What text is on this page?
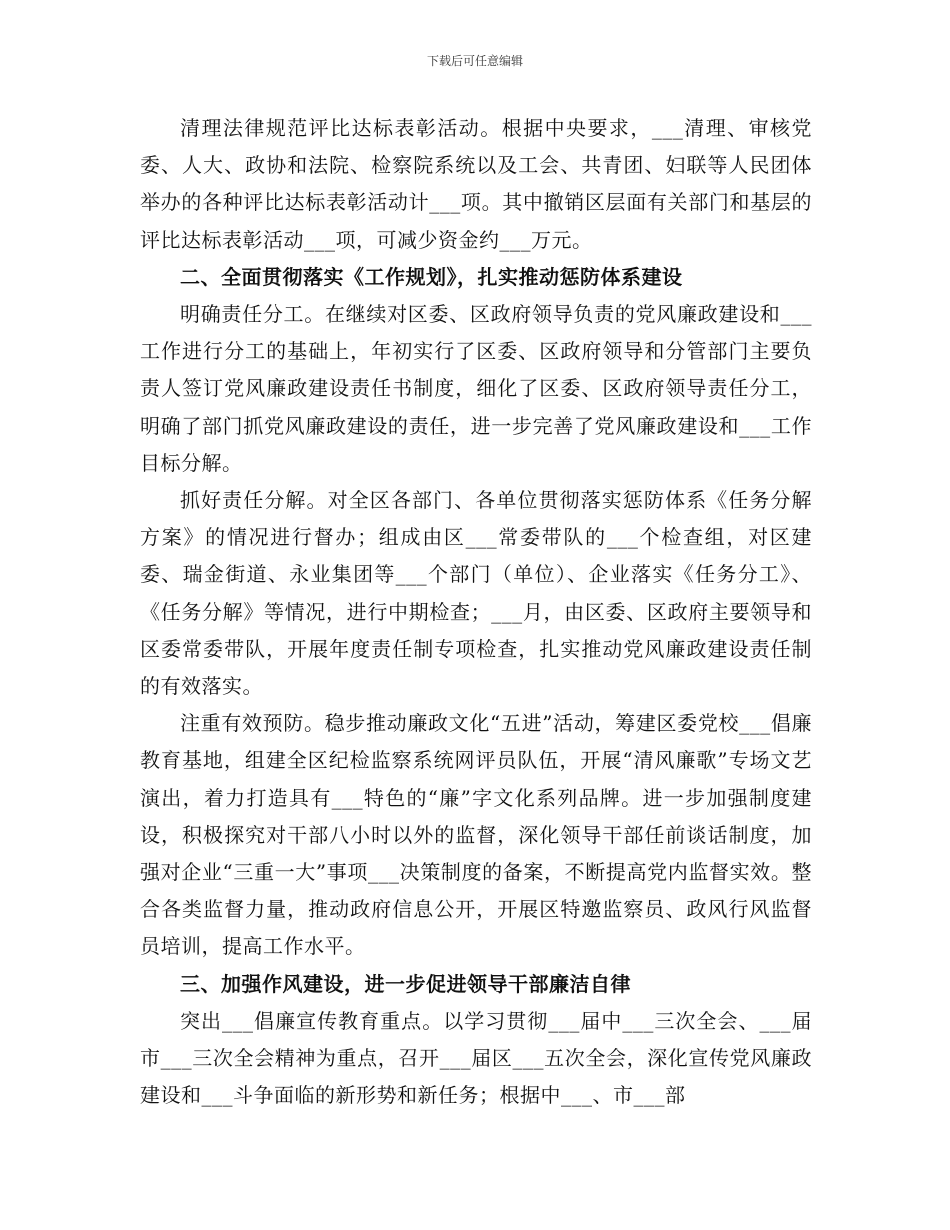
下载后可任意编辑

清理法律规范评比达标表彰活动。根据中央要求，___清理、审核党委、人大、政协和法院、检察院系统以及工会、共青团、妇联等人民团体举办的各种评比达标表彰活动计___项。其中撤销区层面有关部门和基层的评比达标表彰活动___项，可减少资金约___万元。

二、全面贯彻落实《工作规划》，扎实推动惩防体系建设

明确责任分工。在继续对区委、区政府领导负责的党风廉政建设和___工作进行分工的基础上，年初实行了区委、区政府领导和分管部门主要负责人签订党风廉政建设责任书制度，细化了区委、区政府领导责任分工，明确了部门抓党风廉政建设的责任，进一步完善了党风廉政建设和___工作目标分解。

抓好责任分解。对全区各部门、各单位贯彻落实惩防体系《任务分解方案》的情况进行督办；组成由区___常委带队的___个检查组，对区建委、瑞金街道、永业集团等___个部门（单位）、企业落实《任务分工》、《任务分解》等情况，进行中期检查；___月，由区委、区政府主要领导和区委常委带队，开展年度责任制专项检查，扎实推动党风廉政建设责任制的有效落实。

注重有效预防。稳步推动廉政文化“五进”活动，筹建区委党校___倡廉教育基地，组建全区纪检监察系统网评员队伍，开展“清风廉歌”专场文艺演出，着力打造具有___特色的“廉”字文化系列品牌。进一步加强制度建设，积极探究对干部八小时以外的监督，深化领导干部任前谈话制度，加强对企业“三重一大”事项___决策制度的备案，不断提高党内监督实效。整合各类监督力量，推动政府信息公开，开展区特邀监察员、政风行风监督员培训，提高工作水平。

三、加强作风建设，进一步促进领导干部廉洁自律

突出___倡廉宣传教育重点。以学习贯彻___届中___三次全会、___届市___三次全会精神为重点，召开___届区___五次全会，深化宣传党风廉政建设和___斗争面临的新形势和新任务；根据中___、市___部
